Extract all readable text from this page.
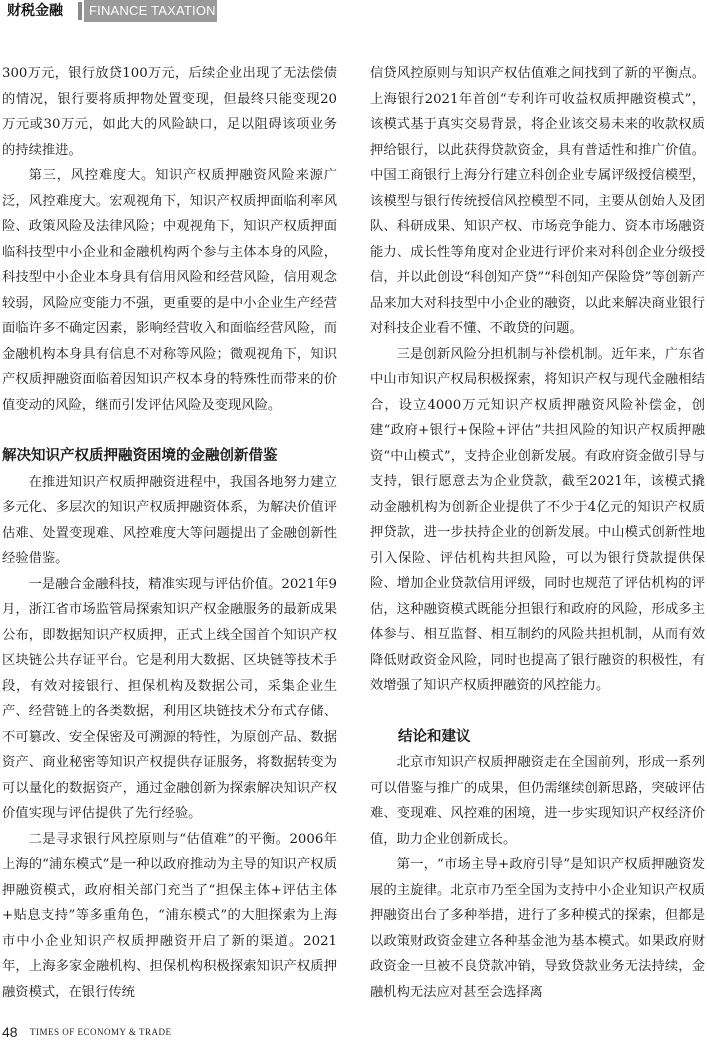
财税金融	FINANCE TAXATION

300万元，银行放贷100万元，后续企业出现了无法偿债的情况，银行要将质押物处置变现，但最终只能变现20万元或30万元，如此大的风险缺口，足以阻碍该项业务的持续推进。

第三，风控难度大。知识产权质押融资风险来源广泛，风控难度大。宏观视角下，知识产权质押面临利率风险、政策风险及法律风险；中观视角下，知识产权质押面临科技型中小企业和金融机构两个参与主体本身的风险，科技型中小企业本身具有信用风险和经营风险，信用观念较弱，风险应变能力不强，更重要的是中小企业生产经营面临许多不确定因素，影响经营收入和面临经营风险，而金融机构本身具有信息不对称等风险；微观视角下，知识产权质押融资面临着因知识产权本身的特殊性而带来的价值变动的风险，继而引发评估风险及变现风险。

解决知识产权质押融资困境的金融创新借鉴

在推进知识产权质押融资进程中，我国各地努力建立多元化、多层次的知识产权质押融资体系，为解决价值评估难、处置变现难、风控难度大等问题提出了金融创新性经验借鉴。

一是融合金融科技，精准实现与评估价值。2021年9月，浙江省市场监管局探索知识产权金融服务的最新成果公布，即数据知识产权质押，正式上线全国首个知识产权区块链公共存证平台。它是利用大数据、区块链等技术手段，有效对接银行、担保机构及数据公司，采集企业生产、经营链上的各类数据，利用区块链技术分布式存储、不可篡改、安全保密及可溯源的特性，为原创产品、数据资产、商业秘密等知识产权提供存证服务，将数据转变为可以量化的数据资产，通过金融创新为探索解决知识产权价值实现与评估提供了先行经验。

二是寻求银行风控原则与“估值难”的平衡。2006年上海的“浦东模式”是一种以政府推动为主导的知识产权质押融资模式，政府相关部门充当了“担保主体+评估主体+贴息支持”等多重角色，“浦东模式”的大胆探索为上海市中小企业知识产权质押融资开启了新的渠道。2021年，上海多家金融机构、担保机构积极探索知识产权质押融资模式，在银行传统

信贷风控原则与知识产权估值难之间找到了新的平衡点。上海银行2021年首创“专利许可收益权质押融资模式”，该模式基于真实交易背景，将企业该交易未来的收款权质押给银行，以此获得贷款资金，具有普适性和推广价值。中国工商银行上海分行建立科创企业专属评级授信模型，该模型与银行传统授信风控模型不同，主要从创始人及团队、科研成果、知识产权、市场竞争能力、资本市场融资能力、成长性等角度对企业进行评价来对科创企业分级授信，并以此创设“科创知产贷”“科创知产保险贷”等创新产品来加大对科技型中小企业的融资，以此来解决商业银行对科技企业看不懂、不敢贷的问题。

三是创新风险分担机制与补偿机制。近年来，广东省中山市知识产权局积极探索，将知识产权与现代金融相结合，设立4000万元知识产权质押融资风险补偿金，创建“政府+银行+保险+评估”共担风险的知识产权质押融资“中山模式”，支持企业创新发展。有政府资金做引导与支持，银行愿意去为企业贷款，截至2021年，该模式撬动金融机构为创新企业提供了不少于4亿元的知识产权质押贷款，进一步扶持企业的创新发展。中山模式创新性地引入保险、评估机构共担风险，可以为银行贷款提供保险、增加企业贷款信用评级，同时也规范了评估机构的评估，这种融资模式既能分担银行和政府的风险，形成多主体参与、相互监督、相互制约的风险共担机制，从而有效降低财政资金风险，同时也提高了银行融资的积极性，有效增强了知识产权质押融资的风控能力。

结论和建议

北京市知识产权质押融资走在全国前列，形成一系列可以借鉴与推广的成果，但仍需继续创新思路，突破评估难、变现难、风控难的困境，进一步实现知识产权经济价值，助力企业创新成长。

第一，“市场主导+政府引导”是知识产权质押融资发展的主旋律。北京市乃至全国为支持中小企业知识产权质押融资出台了多种举措，进行了多种模式的探索，但都是以政策财政资金建立各种基金池为基本模式。如果政府财政资金一旦被不良贷款冲销，导致贷款业务无法持续，金融机构无法应对甚至会选择离

48 TIMES OF ECONOMY & TRADE
